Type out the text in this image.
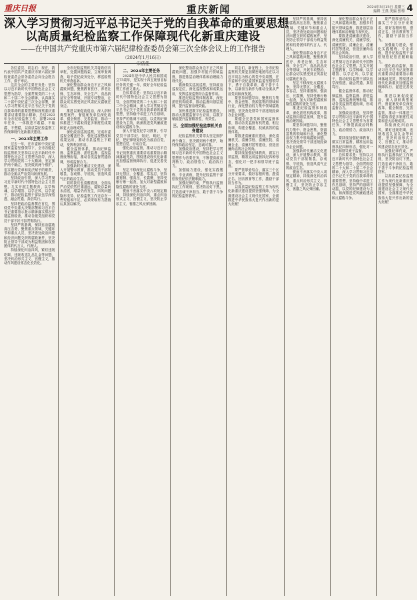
重庆日报	重庆新闻	2024年5月15日 星期三
编辑 王燕 美编 张骋 4
深入学习贯彻习近平总书记关于党的自我革命的重要思想
以高质量纪检监察工作保障现代化新重庆建设
——在中国共产党重庆市第六届纪律检查委员会第三次全体会议上的工作报告
（2024年1月16日）
宋依佳

各位委员、同志们：现在，我代表中国共产党重庆市第六届纪律检查委员会常务委员会向全会报告工作，请予审议。

这次全会的主要任务是：坚持以习近平新时代中国特色社会主义思想为指导，全面贯彻党的二十大和二十届二中全会精神，认真落实二十届中央纪委三次全会部署，深入学习贯彻习近平总书记关于党的自我革命的重要思想和视察重庆重要讲话重要指示精神，总结2023年全市纪检监察工作，部署2024年任务，一体推进不敢腐、不能腐、不想腐，以高质量纪检监察工作保障现代化新重庆建设。

一、2023年主要工作

过去一年，在市委和中央纪委国家监委坚强领导下，全市各级纪检监察机关坚持以习近平新时代中国特色社会主义思想为指导，深入学习贯彻党的二十大精神，坚定拥护两个确立、坚决做到两个维护，忠实履行党章和宪法赋予的职责，推动全面从严治党向纵深发展。

坚持政治引领，深入学习贯彻习近平新时代中国特色社会主义思想。扎实开展主题教育，以学铸魂、以学增智、以学正风、以学促干，推动纪检监察干部队伍学深悟透、融会贯通、真信笃行。

坚持把政治监督摆在首位，围绕党中央重大决策部署和习近平总书记重要指示批示精神落实情况开展监督检查，推动各级党组织和党员干部不折不扣贯彻执行。

坚持严的基调，保持惩治腐败高压态势，聚焦重点领域、关键环节和重点人员，坚决查处政治问题和经济问题交织的腐败案件，坚决防止领导干部成为利益集团和权势团体的代言人、代理人。

持续深化纠治四风，紧盯违规吃喝、违规收送礼品礼金等问题，坚决纠治形式主义、官僚主义，推动作风建设常态化长效化。

全市纪检监察机关共接收信访举报，处置问题线索，立案审查调查，给予党纪政务处分，移送检察机关审查起诉。

深化整治群众身边不正之风和腐败问题，聚焦教育医疗、养老社保、生态环保、安全生产、食品药品安全等领域，开展专项整治，让群众切实感受到正风肃纪反腐就在身边。

推进以案促改促治，深入剖析典型案件，督促案发单位深化改革、健全制度、完善监管，推动一体推进三不腐取得更多制度性成果和更大治理成效。

深化政治巡视巡察，完成市委巡视全覆盖任务，强化巡视整改和成果运用，推动市县巡察上下联动，发挥利剑作用。

健全监督体系，推动纪律监督、监察监督、派驻监督、巡视监督统筹衔接，推动各类监督贯通协调，形成监督合力。

加强新时代廉洁文化建设，深入开展警示教育，推动党员干部知敬畏、存戒惧、守底线，营造风清气正的政治生态。

同时我们也清醒看到，全面从严治党依然任重道远，腐败存量尚未清底，增量仍有发生，四风问题隐形变异，纪检监察工作还存在一些短板和不足，必须采取有力措施认真加以解决。

二、2024年主要任务

2024年是中华人民共和国成立75周年，是实现十四五规划目标任务的关键一年，做好全年纪检监察工作意义重大。

总体要求是：坚持以习近平新时代中国特色社会主义思想为指导，全面贯彻党的二十大和二十届二中全会精神，深入学习贯彻习近平总书记关于党的自我革命的重要思想，坚持稳中求进工作总基调，坚持严的基调不动摇，以党的纪律建设为主线，纵深推进党风廉政建设和反腐败斗争。

深入开展党纪学习教育，引导党员干部学纪、知纪、明纪、守纪，把纪律规矩转化为政治自觉、思想自觉、行动自觉。

强化政治监督，推动习近平总书记视察重庆重要讲话重要指示精神落地见效，围绕建设现代化新重庆加强监督保障执行、促进完善发展。

坚定不移深化反腐败斗争，坚持无禁区、全覆盖、零容忍，坚持重遏制、强高压、长震慑，坚持受贿行贿一起查，加大对新型腐败和隐性腐败的查处力度。

锲而不舍落实中央八项规定精神，持续深化纠治四风，重点纠治形式主义、官僚主义，坚决防止享乐主义、奢靡之风反弹回潮。

深化整治群众身边不正之风和腐败问题，加强乡村振兴领域监督，推进基层治理体系和治理能力现代化。

做深做实巡视巡察，坚持政治巡视定位，深化巡视整改和成果运用，发挥巡视巡察综合监督作用。

推进纪检监察体制改革，深化派驻机构改革，推动监督向基层延伸，提升监督治理效能。

加快推进数字纪检监察建设，推动大数据监督平台应用，以数字赋能提升监督精准性、有效性。

三、全面加强纪检监察机关自身建设

纪检监察机关要带头坚定拥护两个确立、坚决做到两个维护，始终保持政治坚定、忠诚可靠。

加强政治建设，坚持把学习贯彻习近平新时代中国特色社会主义思想作为首要任务，不断提高政治判断力、政治领悟力、政治执行力。

加强能力建设，强化实践锻炼、专业训练，提升纪检监察干部依规依纪依法履职能力。

加强纪律约束，严格执行监督执纪工作规则，坚决防治灯下黑，打造忠诚干净担当、敢于善于斗争的纪检监察铁军。

同志们，新征程上，全市纪检监察机关要更加紧密地团结在以习近平同志为核心的党中央周围，在市委和中央纪委国家监委坚强领导下，勇于自我革命，敢于善于斗争，以新担当新作为推动全面从严治党向纵深发展。

要坚持问题导向，聚焦权力集中、资金密集、资源富集的领域和行业，深化整治权力集中领域腐败问题，坚决查处领导干部违规经商办企业问题。

要健全完善党和国家监督体系，推动各类监督有机贯通、相互协调，构建全覆盖、权威高效的监督体系。

要推进清廉重庆建设，深化清廉机关、清廉学校、清廉医院、清廉企业、清廉村居等建设，营造崇廉尚洁的社会风尚。

要持续加强纪律教育，做实日常监督，精准运用监督执纪四种形态，强化对一把手和领导班子监督。

要严管厚爱结合，落实三个区分开来要求，做好容错纠错、澄清正名、回访教育等工作，激励干部担当作为。

以高质量纪检监察工作为现代化新重庆建设提供坚强保障，为全面建设社会主义现代化国家、全面推进中华民族伟大复兴作出新的更大贡献！

坚持严的基调，保持惩治腐败高压态势，聚焦重点领域、关键环节和重点人员，坚决查处政治问题和经济问题交织的腐败案件，坚决防止领导干部成为利益集团和权势团体的代言人、代理人。

深化整治群众身边不正之风和腐败问题，聚焦教育医疗、养老社保、生态环保、安全生产、食品药品安全等领域，开展专项整治，让群众切实感受到正风肃纪反腐就在身边。

坚定不移深化反腐败斗争，坚持无禁区、全覆盖、零容忍，坚持重遏制、强高压、长震慑，坚持受贿行贿一起查，加大对新型腐败和隐性腐败的查处力度。

推进纪检监察体制改革，深化派驻机构改革，推动监督向基层延伸，提升监督治理效能。

要坚持问题导向，聚焦权力集中、资金密集、资源富集的领域和行业，深化整治权力集中领域腐败问题，坚决查处领导干部违规经商办企业问题。

加强新时代廉洁文化建设，深入开展警示教育，推动党员干部知敬畏、存戒惧、守底线，营造风清气正的政治生态。

锲而不舍落实中央八项规定精神，持续深化纠治四风，重点纠治形式主义、官僚主义，坚决防止享乐主义、奢靡之风反弹回潮。

深化整治群众身边不正之风和腐败问题，加强乡村振兴领域监督，推进基层治理体系和治理能力现代化。

要推进清廉重庆建设，深化清廉机关、清廉学校、清廉医院、清廉企业、清廉村居等建设，营造崇廉尚洁的社会风尚。

坚持政治引领，深入学习贯彻习近平新时代中国特色社会主义思想。扎实开展主题教育，以学铸魂、以学增智、以学正风、以学促干，推动纪检监察干部队伍学深悟透、融会贯通、真信笃行。

健全监督体系，推动纪律监督、监察监督、派驻监督、巡视监督统筹衔接，推动各类监督贯通协调，形成监督合力。

加强政治建设，坚持把学习贯彻习近平新时代中国特色社会主义思想作为首要任务，不断提高政治判断力、政治领悟力、政治执行力。

要持续加强纪律教育，做实日常监督，精准运用监督执纪四种形态，强化对一把手和领导班子监督。

总体要求是：坚持以习近平新时代中国特色社会主义思想为指导，全面贯彻党的二十大和二十届二中全会精神，深入学习贯彻习近平总书记关于党的自我革命的重要思想，坚持稳中求进工作总基调，坚持严的基调不动摇，以党的纪律建设为主线，纵深推进党风廉政建设和反腐败斗争。

要严管厚爱结合，落实三个区分开来要求，做好容错纠错、澄清正名、回访教育等工作，激励干部担当作为。

加强能力建设，强化实践锻炼、专业训练，提升纪检监察干部依规依纪依法履职能力。

强化政治监督，推动习近平总书记视察重庆重要讲话重要指示精神落地见效，围绕建设现代化新重庆加强监督保障执行、促进完善发展。

推进以案促改促治，深入剖析典型案件，督促案发单位深化改革、健全制度、完善监管，推动一体推进三不腐取得更多制度性成果和更大治理成效。

持续深化纠治四风，紧盯违规吃喝、违规收送礼品礼金等问题，坚决纠治形式主义、官僚主义，推动作风建设常态化长效化。

加强纪律约束，严格执行监督执纪工作规则，坚决防治灯下黑，打造忠诚干净担当、敢于善于斗争的纪检监察铁军。

以高质量纪检监察工作为现代化新重庆建设提供坚强保障，为全面建设社会主义现代化国家、全面推进中华民族伟大复兴作出新的更大贡献！
